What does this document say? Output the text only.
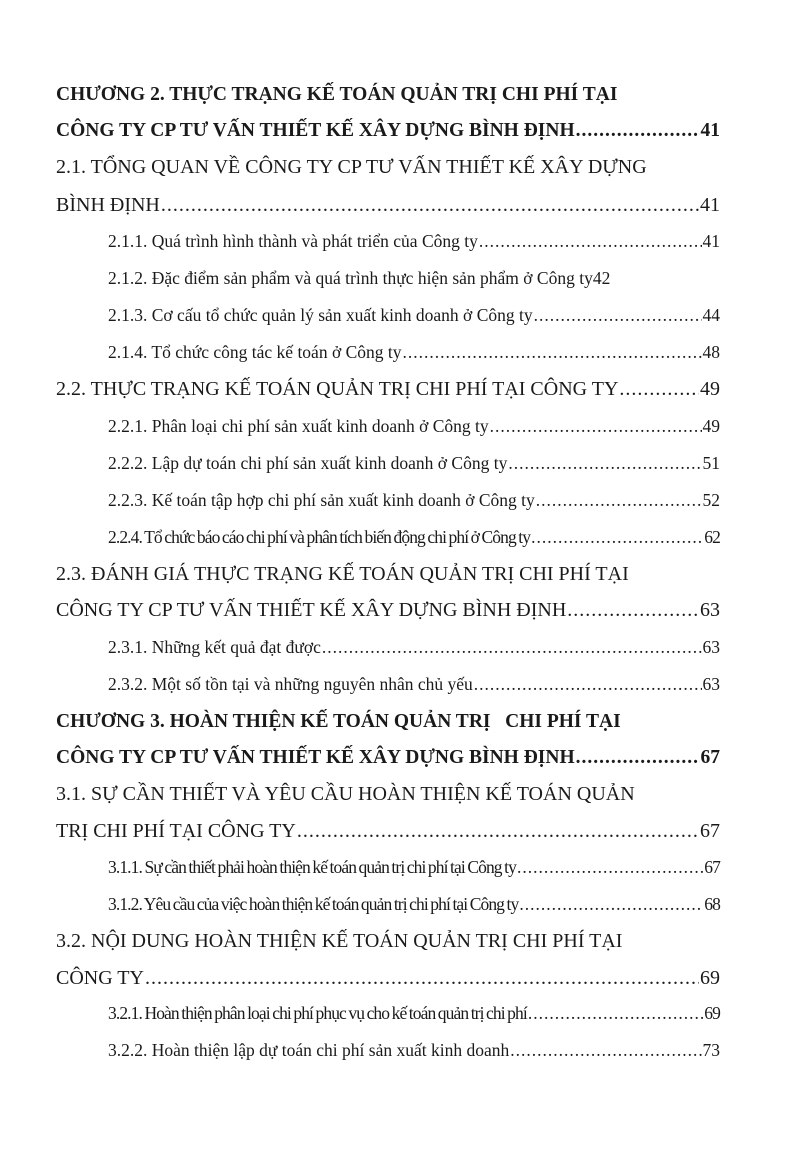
CHƯƠNG 2. THỰC TRẠNG KẾ TOÁN QUẢN TRỊ CHI PHÍ TẠI
CÔNG TY CP TƯ VẤN THIẾT KẾ XÂY DỰNG BÌNH ĐỊNH .....	41
2.1. TỔNG QUAN VỀ CÔNG TY CP TƯ VẤN THIẾT KẾ XÂY DỰNG
BÌNH ĐỊNH .....	41
2.1.1. Quá trình hình thành và phát triển của Công ty .....	41
2.1.2. Đặc điểm sản phẩm và quá trình thực hiện sản phẩm ở Công ty42
2.1.3. Cơ cấu tổ chức quản lý sản xuất kinh doanh ở Công ty .....	44
2.1.4. Tổ chức công tác kế toán ở Công ty .....	48
2.2. THỰC TRẠNG KẾ TOÁN QUẢN TRỊ CHI PHÍ TẠI CÔNG TY .....	49
2.2.1. Phân loại chi phí sản xuất kinh doanh ở Công ty .....	49
2.2.2. Lập dự toán chi phí sản xuất kinh doanh ở Công ty .....	51
2.2.3. Kế toán tập hợp chi phí sản xuất kinh doanh ở Công ty .....	52
2.2.4. Tổ chức báo cáo chi phí và phân tích biến động chi phí ở Công ty .....	62
2.3. ĐÁNH GIÁ THỰC TRẠNG KẾ TOÁN QUẢN TRỊ CHI PHÍ TẠI
CÔNG TY CP TƯ VẤN THIẾT KẾ XÂY DỰNG BÌNH ĐỊNH .....	63
2.3.1. Những kết quả đạt được .....	63
2.3.2. Một số tồn tại và những nguyên nhân chủ yếu .....	63
CHƯƠNG 3. HOÀN THIỆN KẾ TOÁN QUẢN TRỊ   CHI PHÍ TẠI
CÔNG TY CP TƯ VẤN THIẾT KẾ XÂY DỰNG BÌNH ĐỊNH .....	67
3.1. SỰ CẦN THIẾT VÀ YÊU CẦU HOÀN THIỆN KẾ TOÁN QUẢN
TRỊ CHI PHÍ TẠI CÔNG TY .....	67
3.1.1. Sự cần thiết phải hoàn thiện kế toán quản trị chi phí tại Công ty .....	67
3.1.2. Yêu cầu của việc hoàn thiện kế toán quản trị chi phí tại Công ty .....	68
3.2. NỘI DUNG HOÀN THIỆN KẾ TOÁN QUẢN TRỊ CHI PHÍ TẠI
CÔNG TY .....	69
3.2.1. Hoàn thiện phân loại chi phí phục vụ cho kế toán quản trị chi phí .....	69
3.2.2. Hoàn thiện lập dự toán chi phí sản xuất kinh doanh .....	73
